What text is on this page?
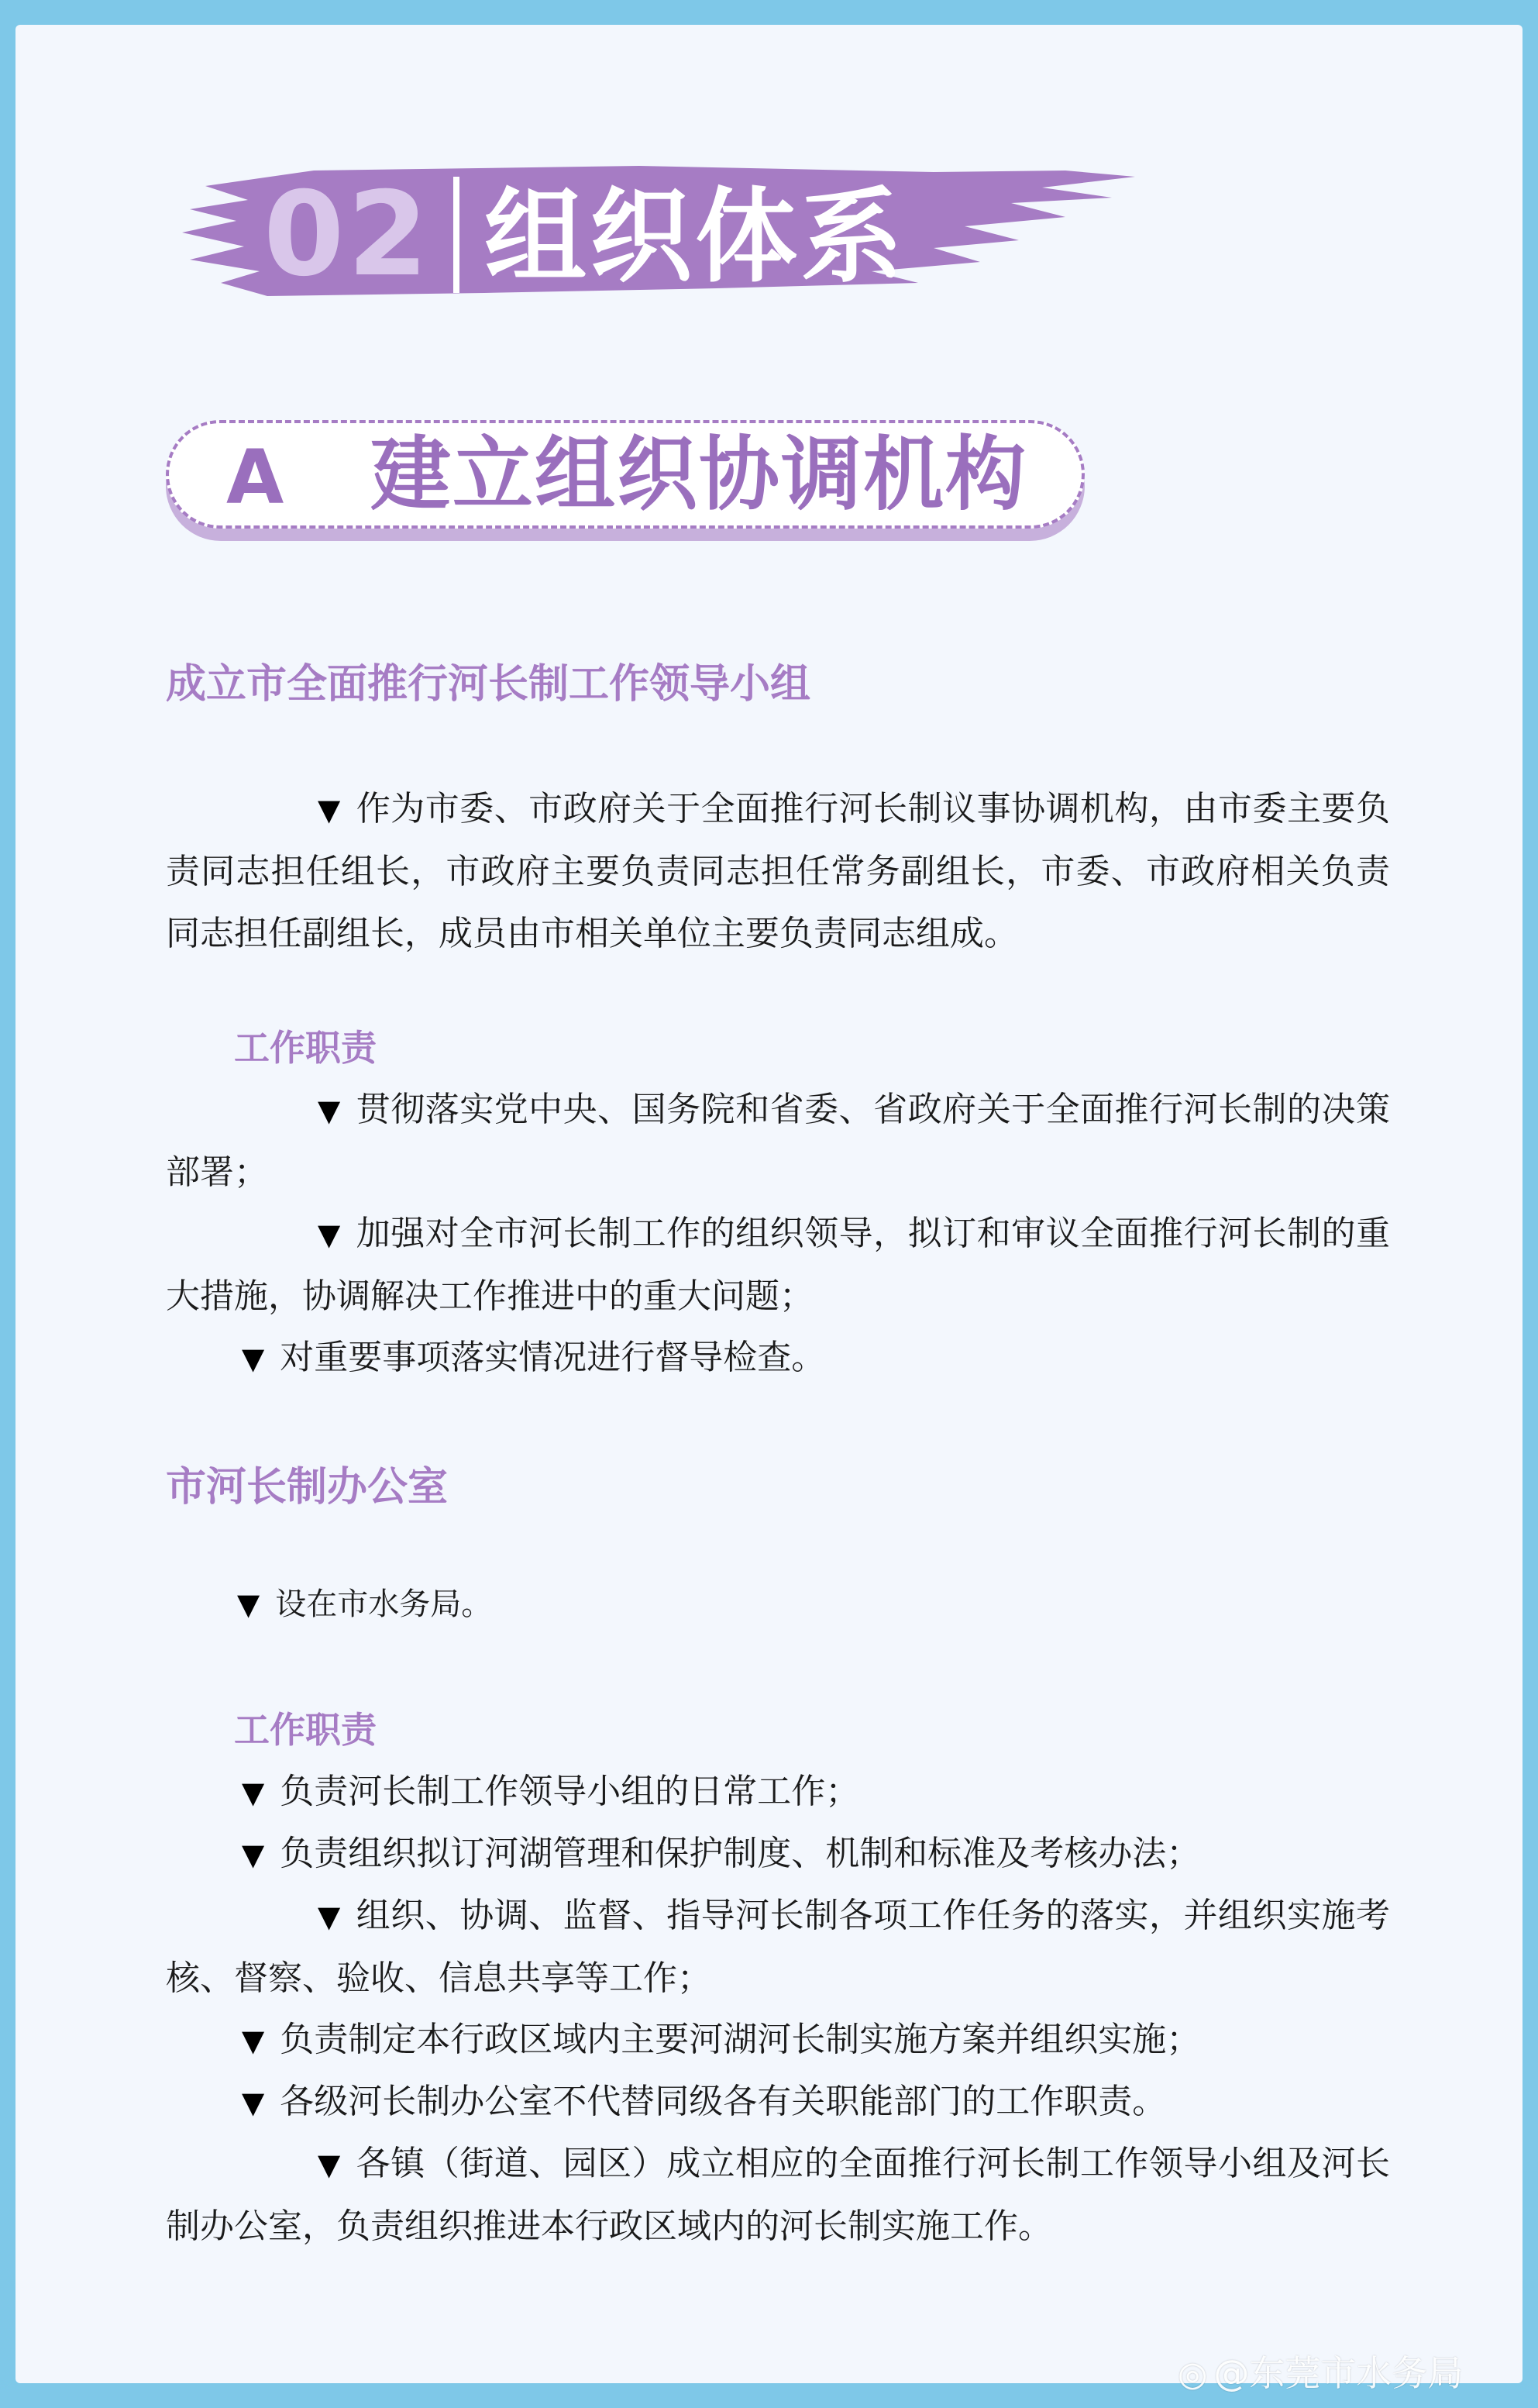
02 组织体系
A 建立组织协调机构
成立市全面推行河长制工作领导小组

▼ 作为市委、市政府关于全面推行河长制议事协调机构，由市委主要负责同志担任组长，市政府主要负责同志担任常务副组长，市委、市政府相关负责同志担任副组长，成员由市相关单位主要负责同志组成。

工作职责

▼ 贯彻落实党中央、国务院和省委、省政府关于全面推行河长制的决策部署；

▼ 加强对全市河长制工作的组织领导，拟订和审议全面推行河长制的重大措施，协调解决工作推进中的重大问题；

▼ 对重要事项落实情况进行督导检查。
市河长制办公室
▼ 设在市水务局。
工作职责
▼ 负责河长制工作领导小组的日常工作；
▼ 负责组织拟订河湖管理和保护制度、机制和标准及考核办法；

▼ 组织、协调、监督、指导河长制各项工作任务的落实，并组织实施考核、督察、验收、信息共享等工作；

▼ 负责制定本行政区域内主要河湖河长制实施方案并组织实施；
▼ 各级河长制办公室不代替同级各有关职能部门的工作职责。

▼ 各镇（街道、园区）成立相应的全面推行河长制工作领导小组及河长制办公室，负责组织推进本行政区域内的河长制实施工作。

◎ @东莞市水务局
